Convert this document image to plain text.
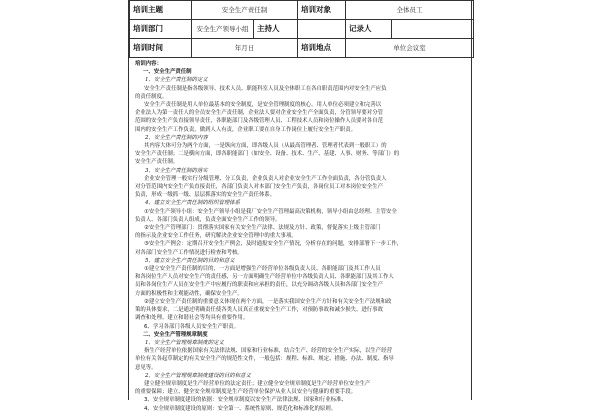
培训主题	安全生产责任制		培训对象	全体员工	
培训部门	安全生产领导小组	主持人		记录人	
培训时间	年月日		培训地点	单位会议室	
培训内容：
一、安全生产责任制
1、安全生产责任制的定义
安全生产责任制是指各级领导、技术人员、职能科室人员及全体职工在各自职责范围内对安全生产应负
的责任制度。
安全生产责任制是用人单位最基本的安全制度，是安全管理制度的核心。用人单位必须建立和完善以
企业法人为第一责任人的全员安全生产责任制，企业法人要对企业安全生产全面负责，分管领导要对分管
范围的安全生产负直接领导责任，各职能部门及各级管理人员、工程技术人员和岗位操作人员要对各自范
围内的安全生产工作负责，做到人人有责，企业职工要在自身工作岗位上履行安全生产职责。
2、安全生产责任制的内容
其内容大体可分为两个方面，一是纵向方面，即各级人员（从最高管理者、管理者代表到一般职工）的
安全生产责任制；二是横向方面，即各职能部门（如安全、设备、技术、生产、基建、人事、财务、等部门）的
安全生产责任制。
3、安全生产责任制的落实
企业安全管理一般实行分级管理、分工负责，企业负责人对企业安全生产工作全面负责，各分管负责人
对分管范围内安全生产负直接责任，各部门负责人对本部门安全生产负责，各岗位员工对本岗位安全生产
负责，形成一级抓一级、层层抓落实的安全生产责任体系。
4、建立安全生产责任制的组织管理体系
①安全生产领导小组：安全生产领导小组是我厂安全生产管理最高决策机构，领导小组由总经理、主管安全
负责人、各部门负责人组成，负责全面安全生产工作的领导。
②安全生产管理部门：贯彻落实国家有关安全生产法律、法规及方针、政策，督促落实上级主管部门
的指示及企业安全工作任务，研究解决企业安全管理中的重大事项。
③安全生产例会：定期召开安全生产例会，及时通报安全生产情况，分析存在的问题，安排部署下一步工作，
对各部门安全生产工作情况进行检查和考核。
5、建立安全生产责任制的目的和意义
①建立安全生产责任制的目的，一方面是增强生产经营单位各级负责人员、各职能部门及其工作人员
和各岗位生产人员对安全生产的责任感，另一方面明确生产经营单位中各级负责人员、各职能部门及其工作人
员和各岗位生产人员在安全生产中应履行的职责和应承担的责任，以充分调动各级人员和各部门安全生产
方面的积极性和主观能动性，确保安全生产。
②建立安全生产责任制的重要意义体现在两个方面，一是落实我国安全生产方针和有关安全生产法规和政
策的具体要求，二是通过明确责任使各类人员真正重视安全生产工作，对预防事故和减少损失、进行事故
调查和处理、建立和谐社会等均具有重要作用。
6、学习各部门各级人员安全生产职责。
二、安全生产管理规章制度
1、安全生产管理规章制度的定义
指生产经营单位依据国家有关法律法规、国家和行业标准，结合生产、经营的安全生产实际，以生产经营
单位有关各起草制定的有关安全生产的规范性文件，一般包括：规程、标准、规定、措施、办法、制度、指导
意见等。
2、安全生产管理规章制度建设的目的和意义
建立健全规章制度是生产经营单位的法定责任；建立健全安全规章制度是生产经营单位安全生产
的重要保障；建立、健全安全规章制度是生产经营单位保护从业人员安全与健康的重要手段。
3、安全规章制度建设的依据：安全规章制度以安全生产法律法规、国家和行业标准、
4、安全规章制度建设的原则：安全第一、系统性原则、规范化和标准化的原则。
